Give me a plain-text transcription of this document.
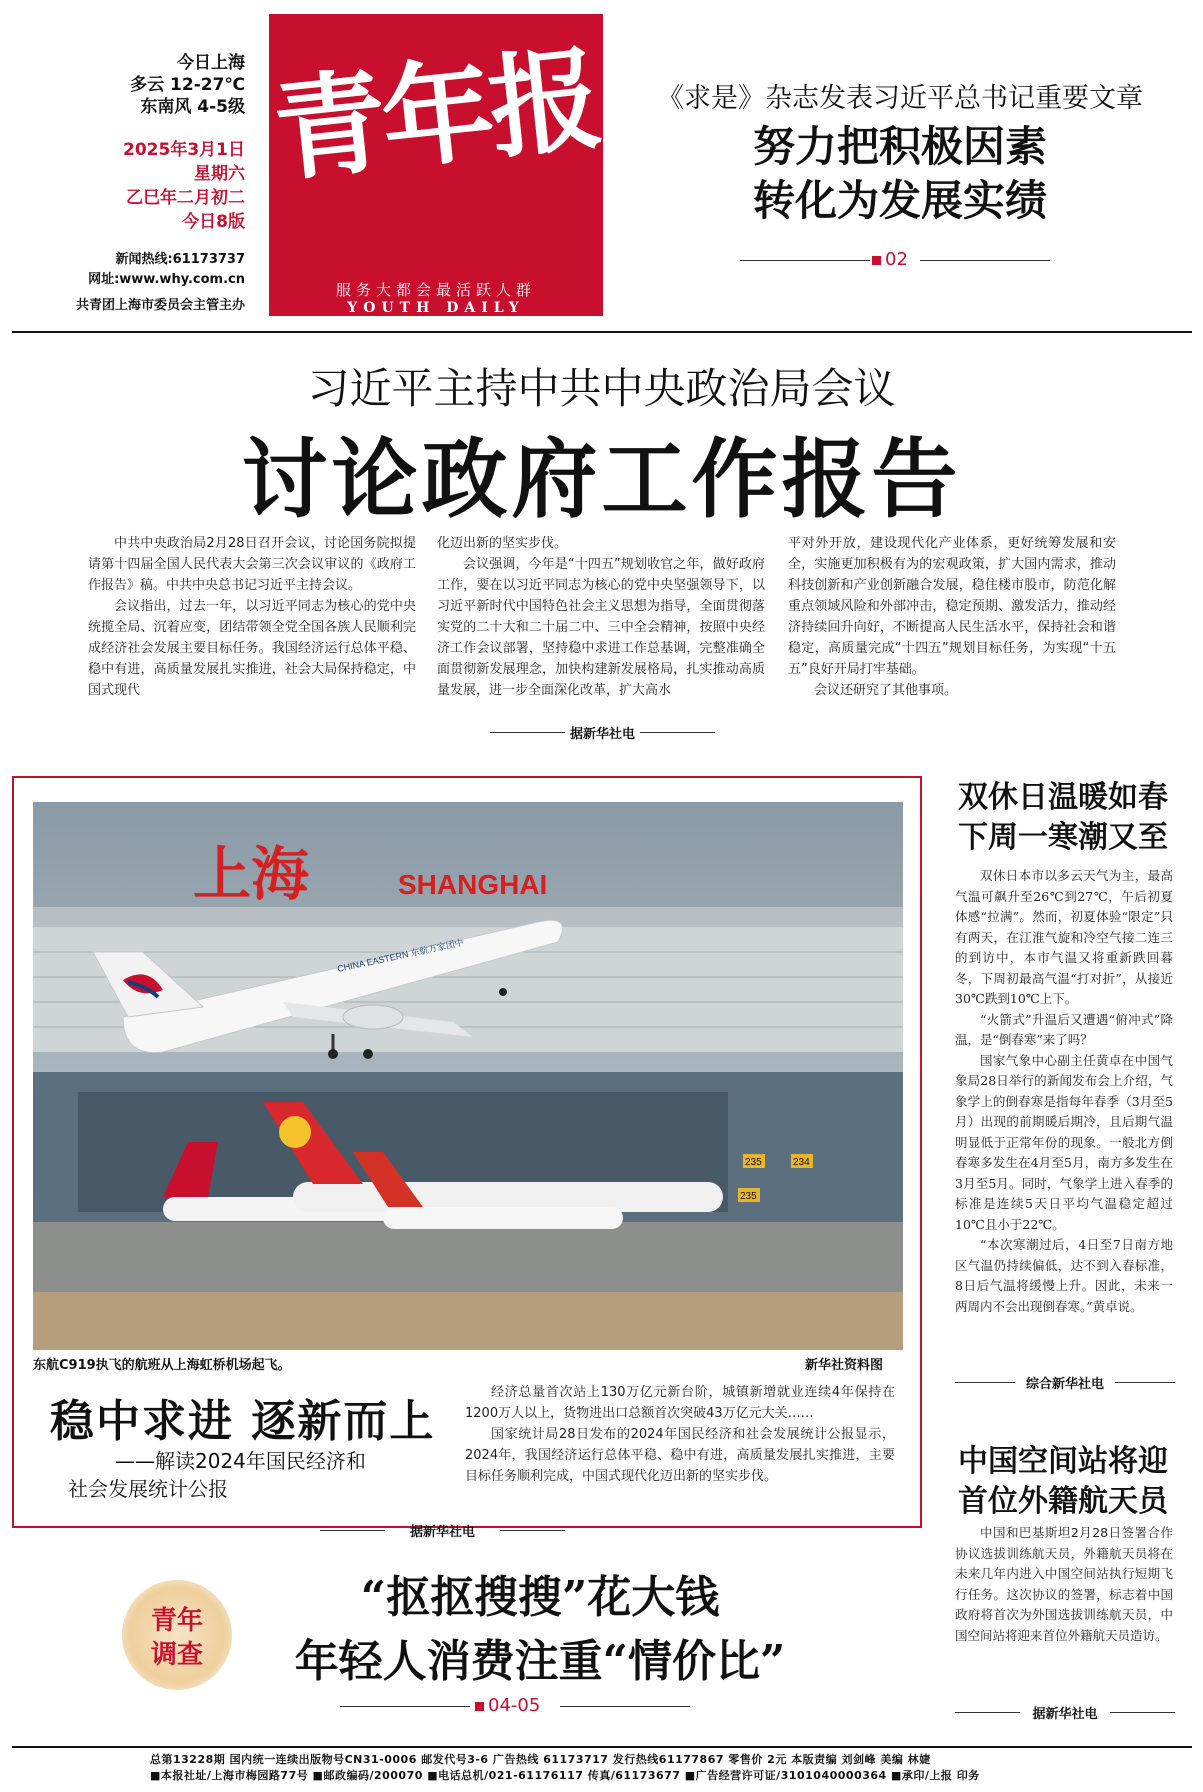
今日上海
多云 12-27℃
东南风 4-5级
2025年3月1日
星期六
乙巳年二月初二
今日8版
新闻热线:61173737
网址:www.why.com.cn
共青团上海市委员会主管主办
青年报
服务大都会最活跃人群
YOUTH DAILY
《求是》杂志发表习近平总书记重要文章
努力把积极因素
转化为发展实绩
02
习近平主持中共中央政治局会议
讨论政府工作报告

中共中央政治局2月28日召开会议，讨论国务院拟提请第十四届全国人民代表大会第三次会议审议的《政府工作报告》稿。中共中央总书记习近平主持会议。

会议指出，过去一年，以习近平同志为核心的党中央统揽全局、沉着应变，团结带领全党全国各族人民顺利完成经济社会发展主要目标任务。我国经济运行总体平稳、稳中有进，高质量发展扎实推进，社会大局保持稳定，中国式现代

化迈出新的坚实步伐。

会议强调，今年是“十四五”规划收官之年，做好政府工作，要在以习近平同志为核心的党中央坚强领导下，以习近平新时代中国特色社会主义思想为指导，全面贯彻落实党的二十大和二十届二中、三中全会精神，按照中央经济工作会议部署，坚持稳中求进工作总基调，完整准确全面贯彻新发展理念，加快构建新发展格局，扎实推动高质量发展，进一步全面深化改革，扩大高水

平对外开放，建设现代化产业体系，更好统筹发展和安全，实施更加积极有为的宏观政策，扩大国内需求，推动科技创新和产业创新融合发展，稳住楼市股市，防范化解重点领域风险和外部冲击，稳定预期、激发活力，推动经济持续回升向好，不断提高人民生活水平，保持社会和谐稳定，高质量完成“十四五”规划目标任务，为实现“十五五”良好开局打牢基础。

会议还研究了其他事项。

据新华社电
上海	SHANGHAI
235	234
235
CHINA EASTERN 东航万家团中
东航C919执飞的航班从上海虹桥机场起飞。	新华社资料图
稳中求进 逐新而上
——解读2024年国民经济和
社会发展统计公报

经济总量首次站上130万亿元新台阶，城镇新增就业连续4年保持在1200万人以上，货物进出口总额首次突破43万亿元大关……

国家统计局28日发布的2024年国民经济和社会发展统计公报显示，2024年，我国经济运行总体平稳、稳中有进，高质量发展扎实推进，主要目标任务顺利完成，中国式现代化迈出新的坚实步伐。

据新华社电
双休日温暖如春
下周一寒潮又至

双休日本市以多云天气为主，最高气温可飙升至26℃到27℃，午后初夏体感“拉满”。然而，初夏体验“限定”只有两天，在江淮气旋和冷空气接二连三的到访中，本市气温又将重新跌回暮冬，下周初最高气温“打对折”，从接近30℃跌到10℃上下。

“火箭式”升温后又遭遇“俯冲式”降温，是“倒春寒”来了吗？

国家气象中心副主任黄卓在中国气象局28日举行的新闻发布会上介绍，气象学上的倒春寒是指每年春季（3月至5月）出现的前期暖后期冷，且后期气温明显低于正常年份的现象。一般北方倒春寒多发生在4月至5月，南方多发生在3月至5月。同时，气象学上进入春季的标准是连续5天日平均气温稳定超过10℃且小于22℃。

“本次寒潮过后，4日至7日南方地区气温仍持续偏低，达不到入春标准，8日后气温将缓慢上升。因此，未来一两周内不会出现倒春寒。”黄卓说。

综合新华社电
中国空间站将迎
首位外籍航天员

中国和巴基斯坦2月28日签署合作协议选拔训练航天员，外籍航天员将在未来几年内进入中国空间站执行短期飞行任务。这次协议的签署，标志着中国政府将首次为外国选拔训练航天员，中国空间站将迎来首位外籍航天员造访。

据新华社电
青年
调查
“抠抠搜搜”花大钱
年轻人消费注重“情价比”
04-05
总第13228期 国内统一连续出版物号CN31-0006 邮发代号3-6 广告热线 61173717 发行热线61177867 零售价 2元 本版责编 刘剑峰 美编 林婕
■本报社址/上海市梅园路77号 ■邮政编码/200070 ■电话总机/021-61176117 传真/61173677 ■广告经营许可证/3101040000364 ■承印/上报 印务
